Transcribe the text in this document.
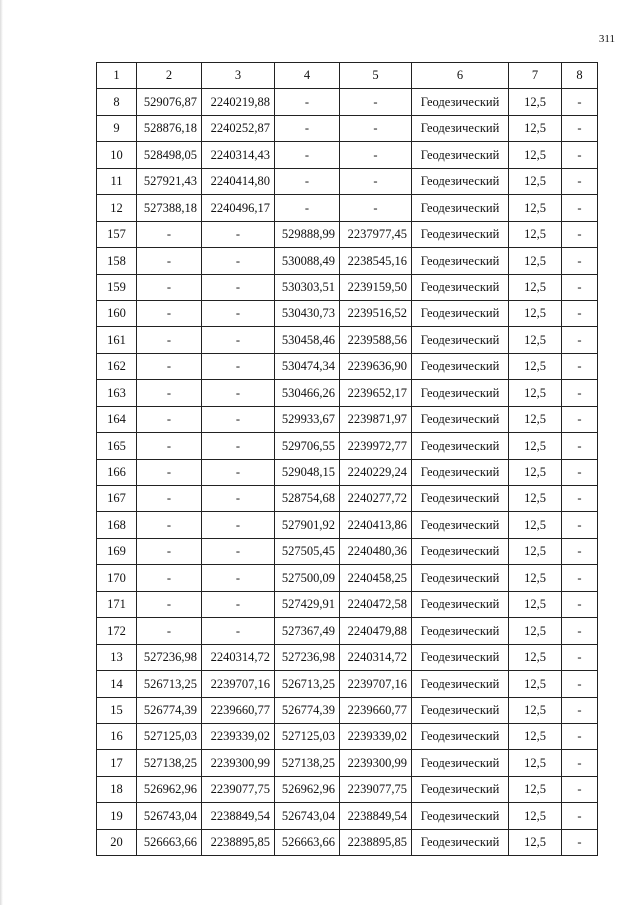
311
1	2	3	4	5	6	7	8
8	529076,87	2240219,88	-	-	Геодезический	12,5	-
9	528876,18	2240252,87	-	-	Геодезический	12,5	-
10	528498,05	2240314,43	-	-	Геодезический	12,5	-
11	527921,43	2240414,80	-	-	Геодезический	12,5	-
12	527388,18	2240496,17	-	-	Геодезический	12,5	-
157	-	-	529888,99	2237977,45	Геодезический	12,5	-
158	-	-	530088,49	2238545,16	Геодезический	12,5	-
159	-	-	530303,51	2239159,50	Геодезический	12,5	-
160	-	-	530430,73	2239516,52	Геодезический	12,5	-
161	-	-	530458,46	2239588,56	Геодезический	12,5	-
162	-	-	530474,34	2239636,90	Геодезический	12,5	-
163	-	-	530466,26	2239652,17	Геодезический	12,5	-
164	-	-	529933,67	2239871,97	Геодезический	12,5	-
165	-	-	529706,55	2239972,77	Геодезический	12,5	-
166	-	-	529048,15	2240229,24	Геодезический	12,5	-
167	-	-	528754,68	2240277,72	Геодезический	12,5	-
168	-	-	527901,92	2240413,86	Геодезический	12,5	-
169	-	-	527505,45	2240480,36	Геодезический	12,5	-
170	-	-	527500,09	2240458,25	Геодезический	12,5	-
171	-	-	527429,91	2240472,58	Геодезический	12,5	-
172	-	-	527367,49	2240479,88	Геодезический	12,5	-
13	527236,98	2240314,72	527236,98	2240314,72	Геодезический	12,5	-
14	526713,25	2239707,16	526713,25	2239707,16	Геодезический	12,5	-
15	526774,39	2239660,77	526774,39	2239660,77	Геодезический	12,5	-
16	527125,03	2239339,02	527125,03	2239339,02	Геодезический	12,5	-
17	527138,25	2239300,99	527138,25	2239300,99	Геодезический	12,5	-
18	526962,96	2239077,75	526962,96	2239077,75	Геодезический	12,5	-
19	526743,04	2238849,54	526743,04	2238849,54	Геодезический	12,5	-
20	526663,66	2238895,85	526663,66	2238895,85	Геодезический	12,5	-
